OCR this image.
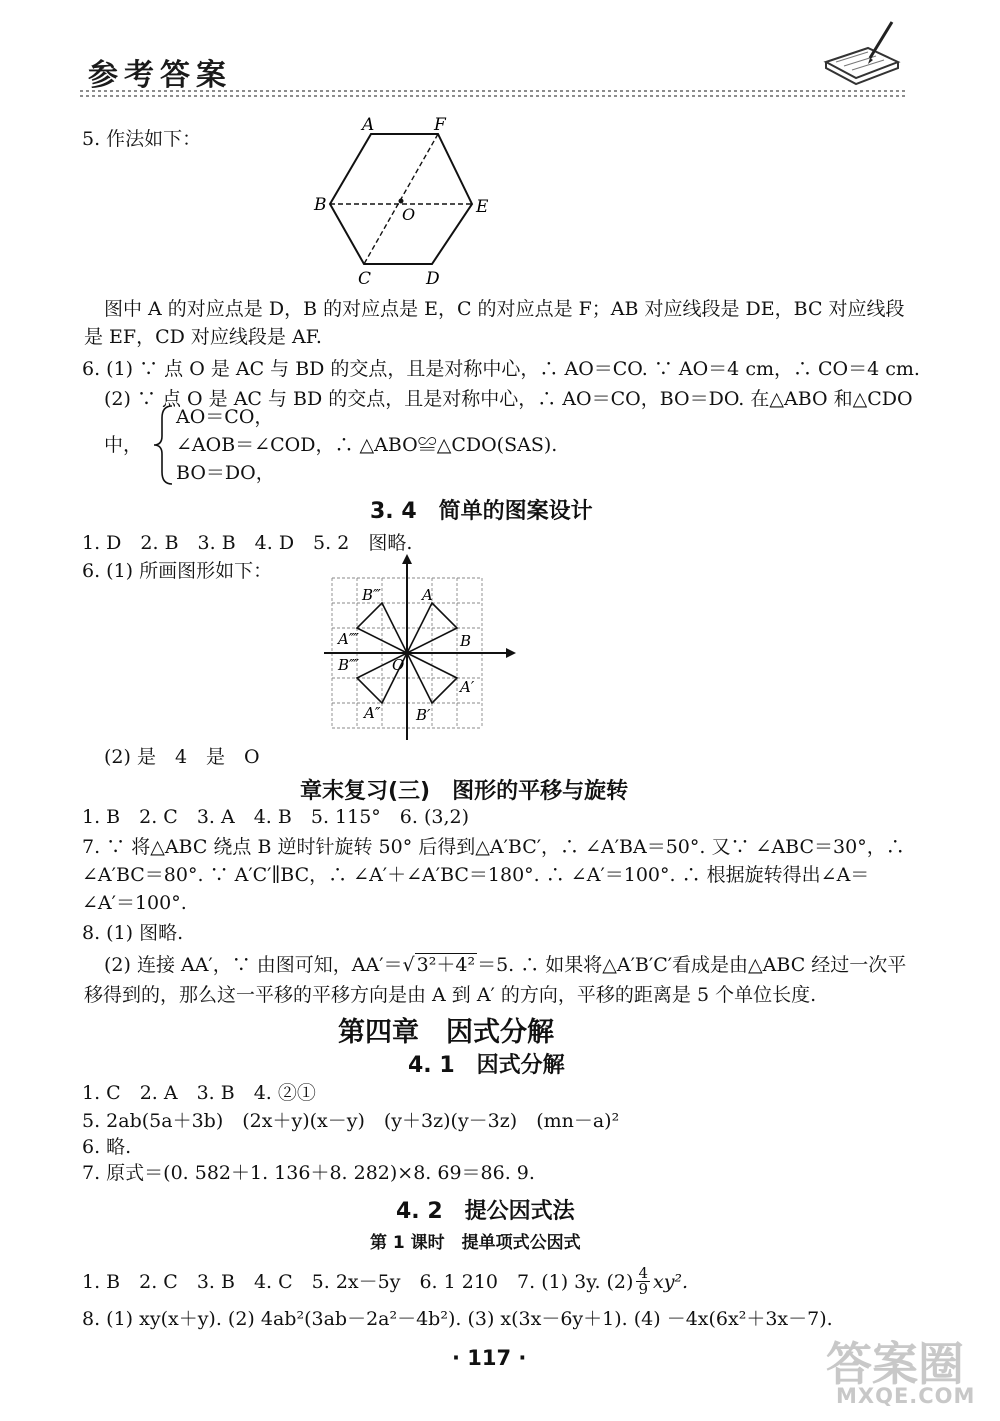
参考答案
5. 作法如下：
A	F
B	E
C	D
O
图中 A 的对应点是 D，B 的对应点是 E，C 的对应点是 F；AB 对应线段是 DE，BC 对应线段
是 EF，CD 对应线段是 AF.
6. (1) ∵ 点 O 是 AC 与 BD 的交点，且是对称中心，∴ AO＝CO. ∵ AO＝4 cm，∴ CO＝4 cm.
(2) ∵ 点 O 是 AC 与 BD 的交点，且是对称中心，∴ AO＝CO，BO＝DO. 在△ABO 和△CDO
中，
AO＝CO，
∠AOB＝∠COD，∴ △ABO≌△CDO(SAS).
BO＝DO，
3. 4　简单的图案设计
1. D　2. B　3. B　4. D　5. 2　图略.
6. (1) 所画图形如下：
B‴	A
A⁗	B
B⁗ O
A′
A″ B′
(2) 是　4　是　O
章末复习(三)　图形的平移与旋转
1. B　2. C　3. A　4. B　5. 115°　6. (3,2)
7. ∵ 将△ABC 绕点 B 逆时针旋转 50° 后得到△A′BC′，∴ ∠A′BA＝50°. 又∵ ∠ABC＝30°，∴
∠A′BC＝80°. ∵ A′C′∥BC，∴ ∠A′＋∠A′BC＝180°. ∴ ∠A′＝100°. ∴ 根据旋转得出∠A＝
∠A′＝100°.
8. (1) 图略.
(2) 连接 AA′，∵ 由图可知，AA′＝√ 3²＋4² ＝5. ∴ 如果将△A′B′C′看成是由△ABC 经过一次平
移得到的，那么这一平移的平移方向是由 A 到 A′ 的方向，平移的距离是 5 个单位长度.
第四章　因式分解
4. 1　因式分解
1. C　2. A　3. B　4. ②①
5. 2ab(5a＋3b)　(2x＋y)(x－y)　(y＋3z)(y－3z)　(mn－a)²
6. 略.
7. 原式＝(0. 582＋1. 136＋8. 282)×8. 69＝86. 9.
4. 2　提公因式法
第 1 课时　提单项式公因式
1. B　2. C　3. B　4. C　5. 2x－5y　6. 1 210　7. (1) 3y. $(2) \frac{4}{9} xy^2$.
8. (1) xy(x＋y). (2) 4ab²(3ab－2a²－4b²). (3) x(3x－6y＋1). (4) －4x(6x²＋3x－7).
· 117 ·	答案圈
MXQE.COM
